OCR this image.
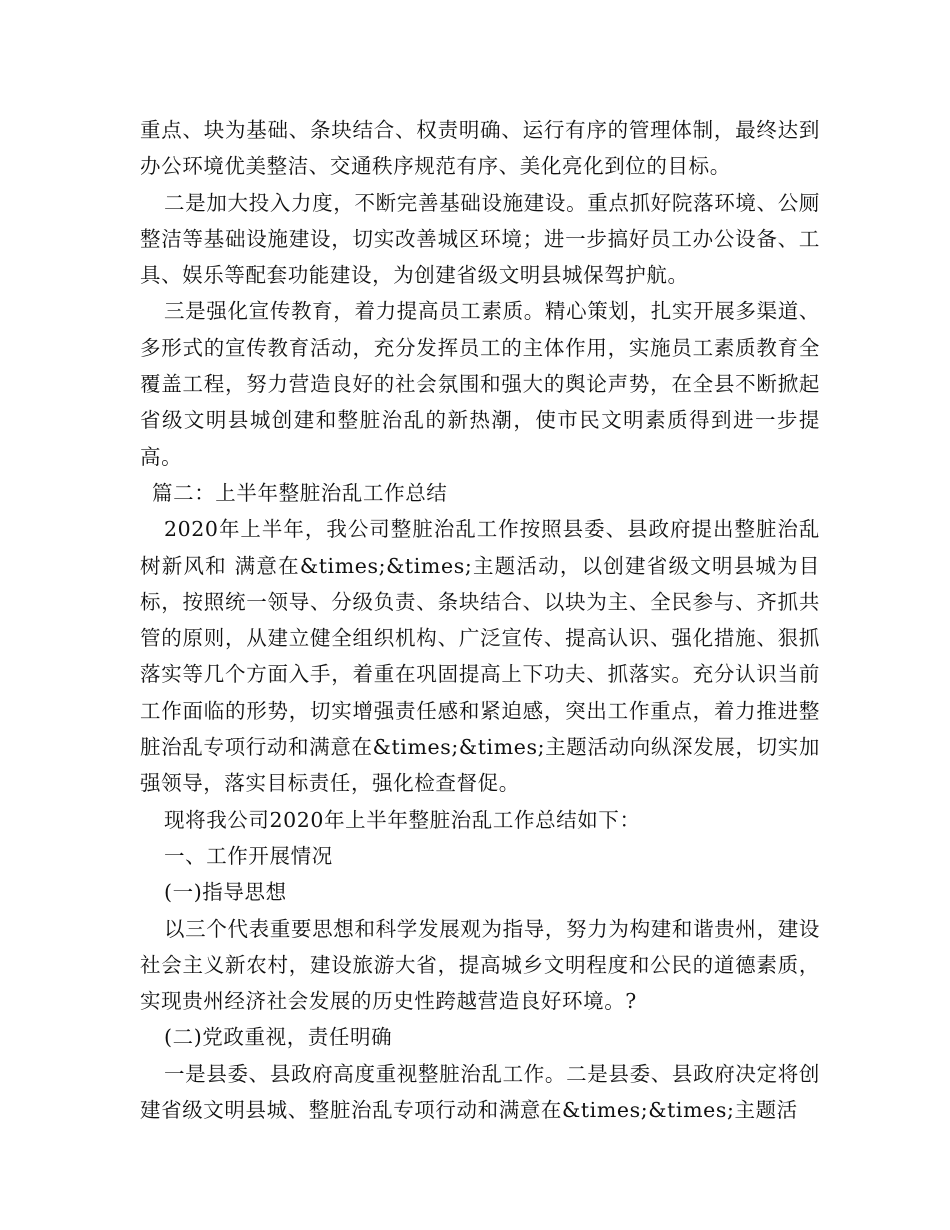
重点、块为基础、条块结合、权责明确、运行有序的管理体制，最终达到办公环境优美整洁、交通秩序规范有序、美化亮化到位的目标。

二是加大投入力度，不断完善基础设施建设。重点抓好院落环境、公厕整洁等基础设施建设，切实改善城区环境；进一步搞好员工办公设备、工具、娱乐等配套功能建设，为创建省级文明县城保驾护航。

三是强化宣传教育，着力提高员工素质。精心策划，扎实开展多渠道、多形式的宣传教育活动，充分发挥员工的主体作用，实施员工素质教育全覆盖工程，努力营造良好的社会氛围和强大的舆论声势，在全县不断掀起省级文明县城创建和整脏治乱的新热潮，使市民文明素质得到进一步提高。

篇二：上半年整脏治乱工作总结

2020年上半年，我公司整脏治乱工作按照县委、县政府提出整脏治乱树新风和 满意在&times;&times;主题活动，以创建省级文明县城为目标，按照统一领导、分级负责、条块结合、以块为主、全民参与、齐抓共管的原则，从建立健全组织机构、广泛宣传、提高认识、强化措施、狠抓落实等几个方面入手，着重在巩固提高上下功夫、抓落实。充分认识当前工作面临的形势，切实增强责任感和紧迫感，突出工作重点，着力推进整脏治乱专项行动和满意在&times;&times;主题活动向纵深发展，切实加强领导，落实目标责任，强化检查督促。

现将我公司2020年上半年整脏治乱工作总结如下：

一、工作开展情况

(一)指导思想

以三个代表重要思想和科学发展观为指导，努力为构建和谐贵州，建设社会主义新农村，建设旅游大省，提高城乡文明程度和公民的道德素质，实现贵州经济社会发展的历史性跨越营造良好环境。?

(二)党政重视，责任明确

一是县委、县政府高度重视整脏治乱工作。二是县委、县政府决定将创建省级文明县城、整脏治乱专项行动和满意在&times;&times;主题活
